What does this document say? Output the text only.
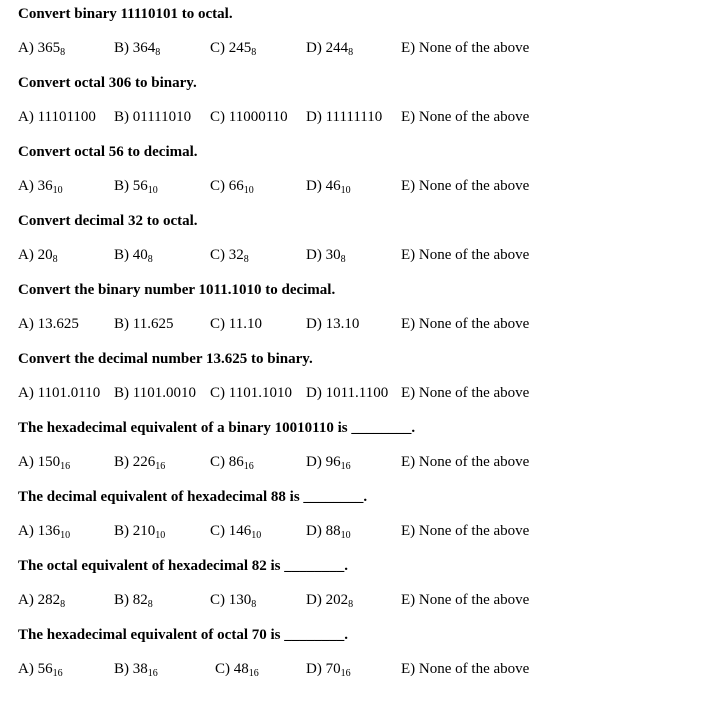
Convert binary 11110101 to octal.
A) $365_8$	B) $364_8$	C) $245_8$	D) $244_8$	E) None of the above
Convert octal 306 to binary.
A) 11101100 B) 01111010 C) 11000110 D) 11111110 E) None of the above
Convert octal 56 to decimal.
A) $36_{10}$	B) $56_{10}$	C) $66_{10}$	D) $46_{10}$	E) None of the above
Convert decimal 32 to octal.
A) $20_8$	B) $40_8$	C) $32_8$	D) $30_8$	E) None of the above
Convert the binary number 1011.1010 to decimal.
A) 13.625 B) 11.625 C) 11.10	D) 13.10	E) None of the above
Convert the decimal number 13.625 to binary.
A) 1101.0110 B) 1101.0010 C) 1101.1010 D) 1011.1100 E) None of the above
The hexadecimal equivalent of a binary 10010110 is ________.
A) $150_{16}$	B) $226_{16}$	C) $86_{16}$	D) $96_{16}$	E) None of the above
The decimal equivalent of hexadecimal 88 is ________.
A) $136_{10}$	B) $210_{10}$	C) $146_{10}$	D) $88_{10}$	E) None of the above
The octal equivalent of hexadecimal 82 is ________.
A) $282_8$	B) $82_8$	C) $130_8$	D) $202_8$	E) None of the above
The hexadecimal equivalent of octal 70 is ________.
A) $56_{16}$	B) $38_{16}$	C) $48_{16}$	D) $70_{16}$	E) None of the above
